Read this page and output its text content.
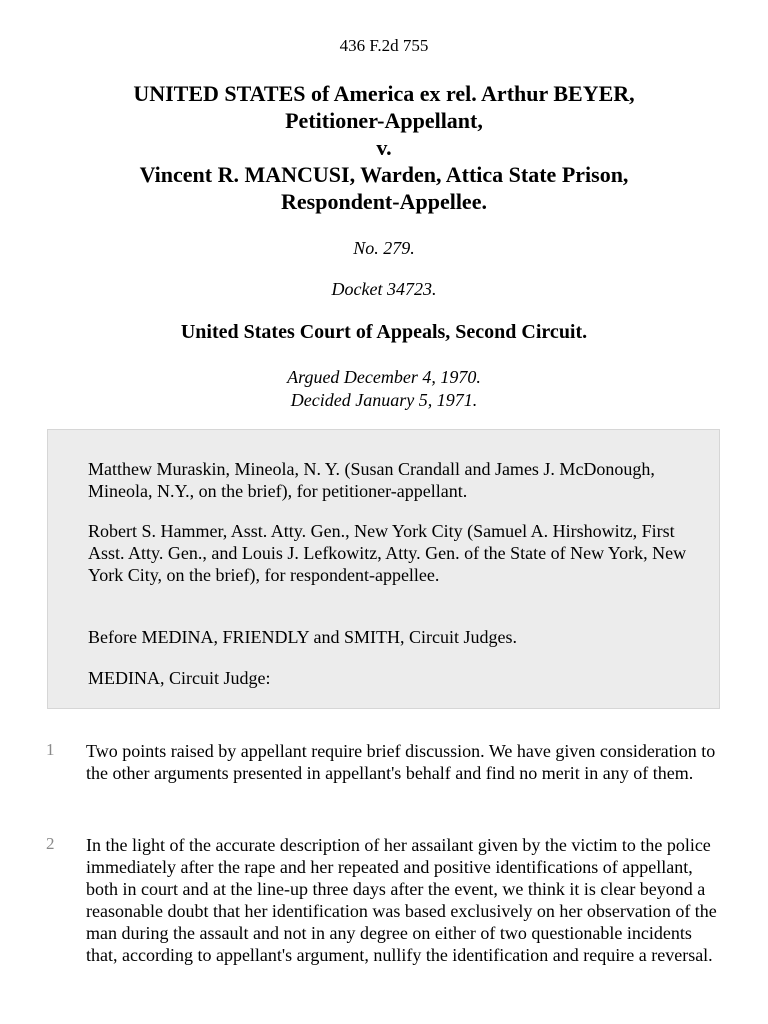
436 F.2d 755
UNITED STATES of America ex rel. Arthur BEYER,
Petitioner-Appellant,
v.
Vincent R. MANCUSI, Warden, Attica State Prison,
Respondent-Appellee.
No. 279.
Docket 34723.
United States Court of Appeals, Second Circuit.
Argued December 4, 1970.
Decided January 5, 1971.

Matthew Muraskin, Mineola, N. Y. (Susan Crandall and James J. McDonough, Mineola, N.Y., on the brief), for petitioner-appellant.

Robert S. Hammer, Asst. Atty. Gen., New York City (Samuel A. Hirshowitz, First Asst. Atty. Gen., and Louis J. Lefkowitz, Atty. Gen. of the State of New York, New York City, on the brief), for respondent-appellee.

Before MEDINA, FRIENDLY and SMITH, Circuit Judges.

MEDINA, Circuit Judge:

1 Two points raised by appellant require brief discussion. We have given consideration to the other arguments presented in appellant's behalf and find no merit in any of them.

2 In the light of the accurate description of her assailant given by the victim to the police immediately after the rape and her repeated and positive identifications of appellant, both in court and at the line-up three days after the event, we think it is clear beyond a reasonable doubt that her identification was based exclusively on her observation of the man during the assault and not in any degree on either of two questionable incidents that, according to appellant's argument, nullify the identification and require a reversal.
